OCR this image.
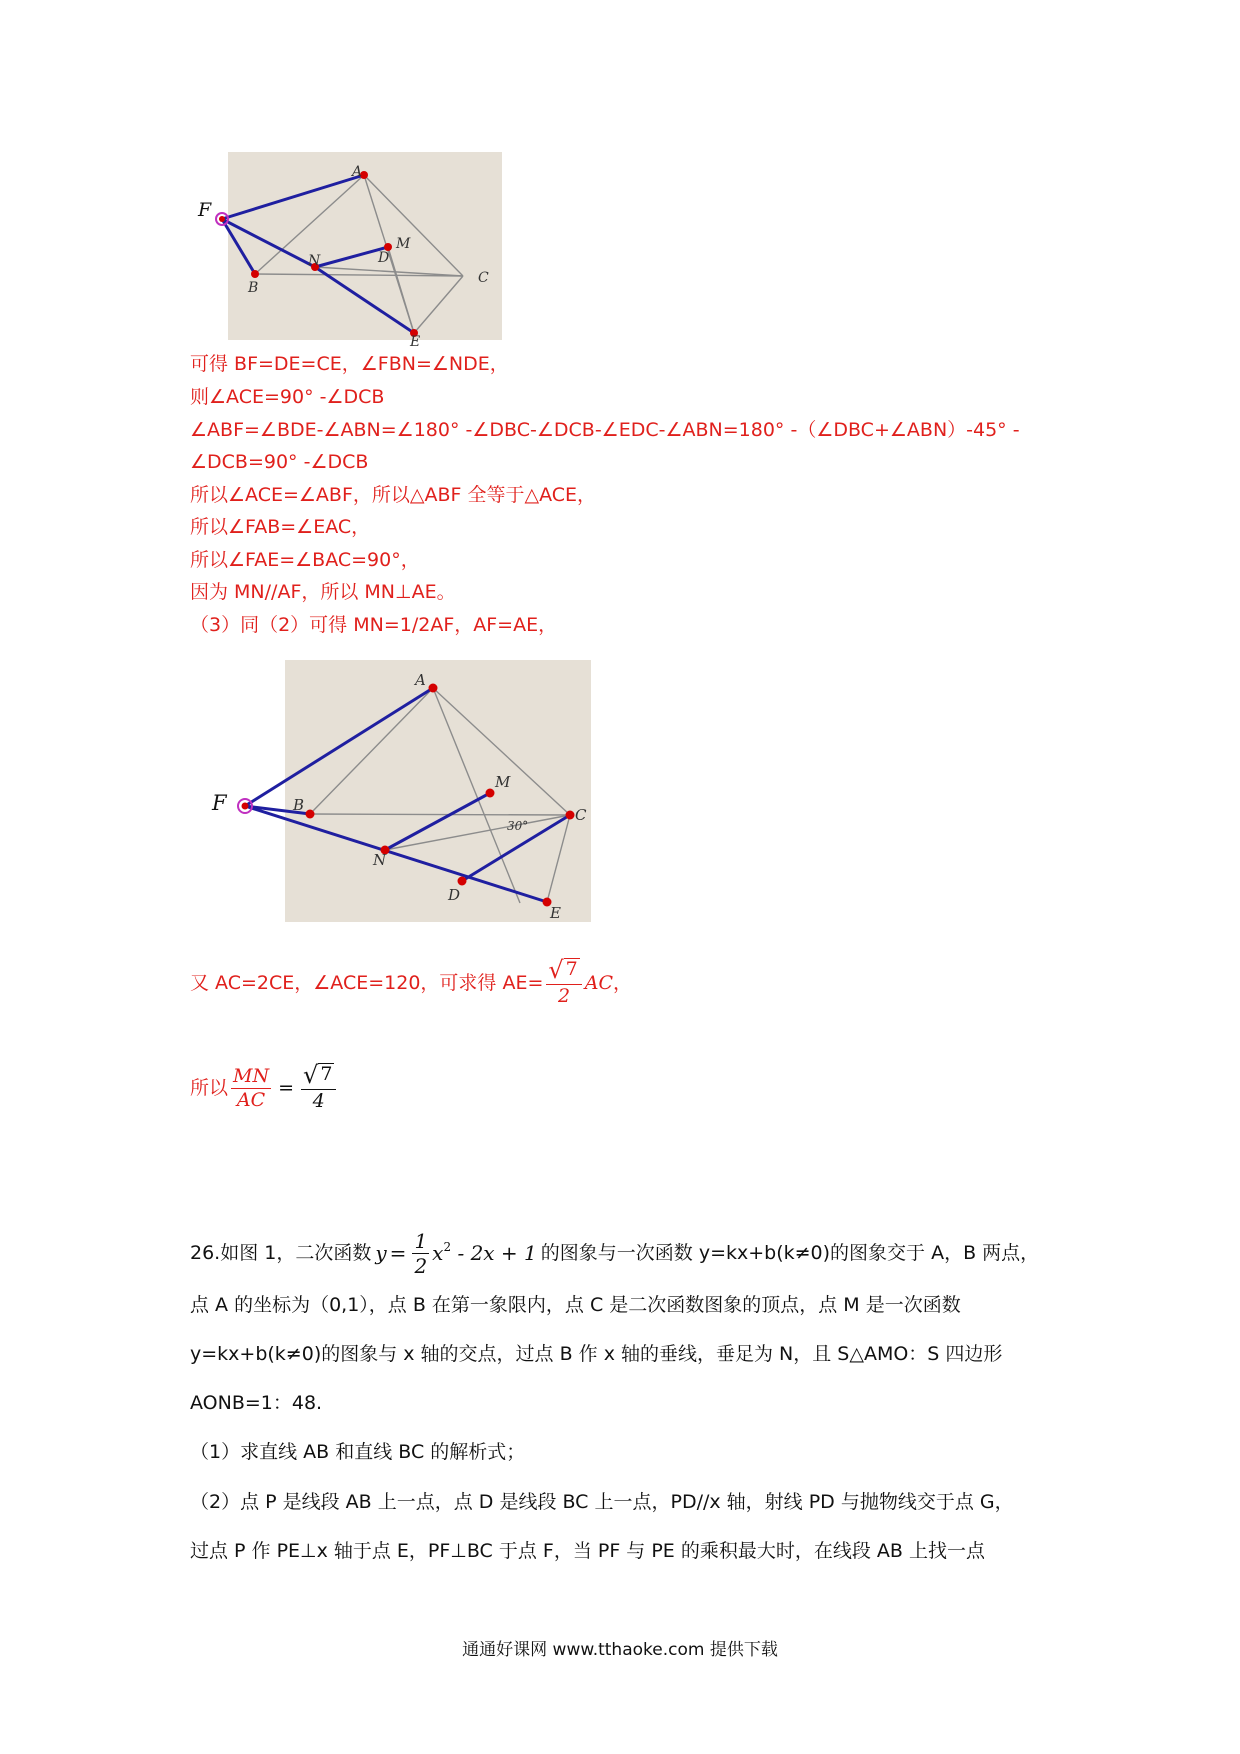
A
B
C
D
E
M
N
F
可得 BF=DE=CE，∠FBN=∠NDE，
则∠ACE=90° -∠DCB
∠ABF=∠BDE-∠ABN=∠180° -∠DBC-∠DCB-∠EDC-∠ABN=180° -（∠DBC+∠ABN）-45° -
∠DCB=90° -∠DCB
所以∠ACE=∠ABF，所以△ABF 全等于△ACE，
所以∠FAB=∠EAC，
所以∠FAE=∠BAC=90°，
因为 MN//AF，所以 MN⊥AE。
（3）同（2）可得 MN=1/2AF，AF=AE，
A
B
C
D
E
M
N
30°
F
又 AC=2CE，∠ACE=120，可求得 $AE= \frac{√ 7}{2}$ AC ，
所以 $\frac{MN}{AC} = \frac{√ 7}{4}$
26.如图 1，二次函数 $y = \frac{1}{2} x^2 - 2x + 1$ 的图象与一次函数 y=kx+b(k≠0)的图象交于 A，B 两点，
点 A 的坐标为（0,1），点 B 在第一象限内，点 C 是二次函数图象的顶点，点 M 是一次函数
y=kx+b(k≠0)的图象与 x 轴的交点，过点 B 作 x 轴的垂线，垂足为 N，且 S△AMO：S 四边形
AONB=1：48.
（1）求直线 AB 和直线 BC 的解析式；
（2）点 P 是线段 AB 上一点，点 D 是线段 BC 上一点，PD//x 轴，射线 PD 与抛物线交于点 G，
过点 P 作 PE⊥x 轴于点 E，PF⊥BC 于点 F，当 PF 与 PE 的乘积最大时，在线段 AB 上找一点
通通好课网 www.tthaoke.com 提供下载
